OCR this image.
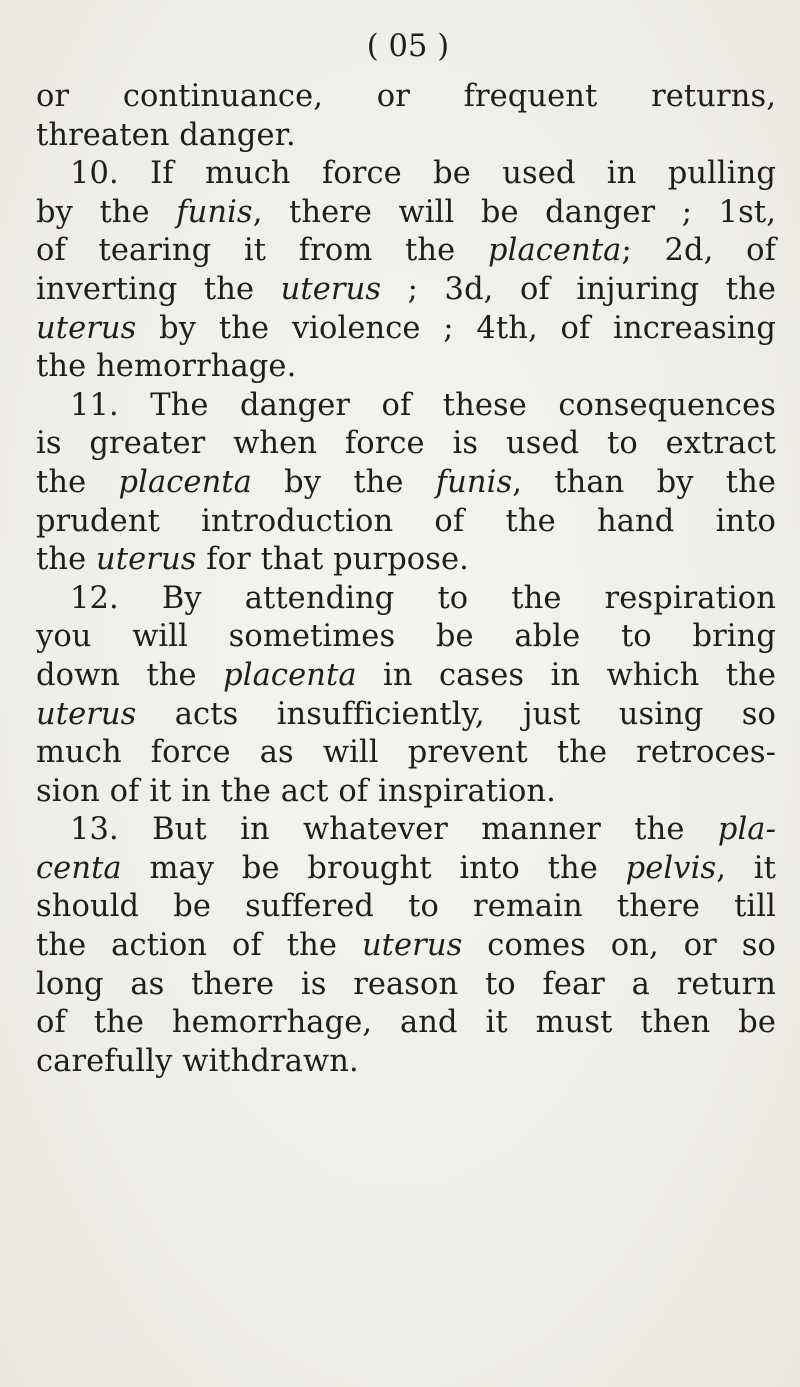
( 05 )
or continuance, or frequent returns,
threaten danger.
10. If much force be used in pulling
by the funis, there will be danger ; 1st,
of tearing it from the placenta; 2d, of
inverting the uterus ; 3d, of injuring the
uterus by the violence ; 4th, of increasing
the hemorrhage.
11. The danger of these consequences
is greater when force is used to extract
the placenta by the funis, than by the
prudent introduction of the hand into
the uterus for that purpose.
12. By attending to the respiration
you will sometimes be able to bring
down the placenta in cases in which the
uterus acts insufficiently, just using so
much force as will prevent the retroces-
sion of it in the act of inspiration.
13. But in whatever manner the pla-
centa may be brought into the pelvis, it
should be suffered to remain there till
the action of the uterus comes on, or so
long as there is reason to fear a return
of the hemorrhage, and it must then be
carefully withdrawn.
